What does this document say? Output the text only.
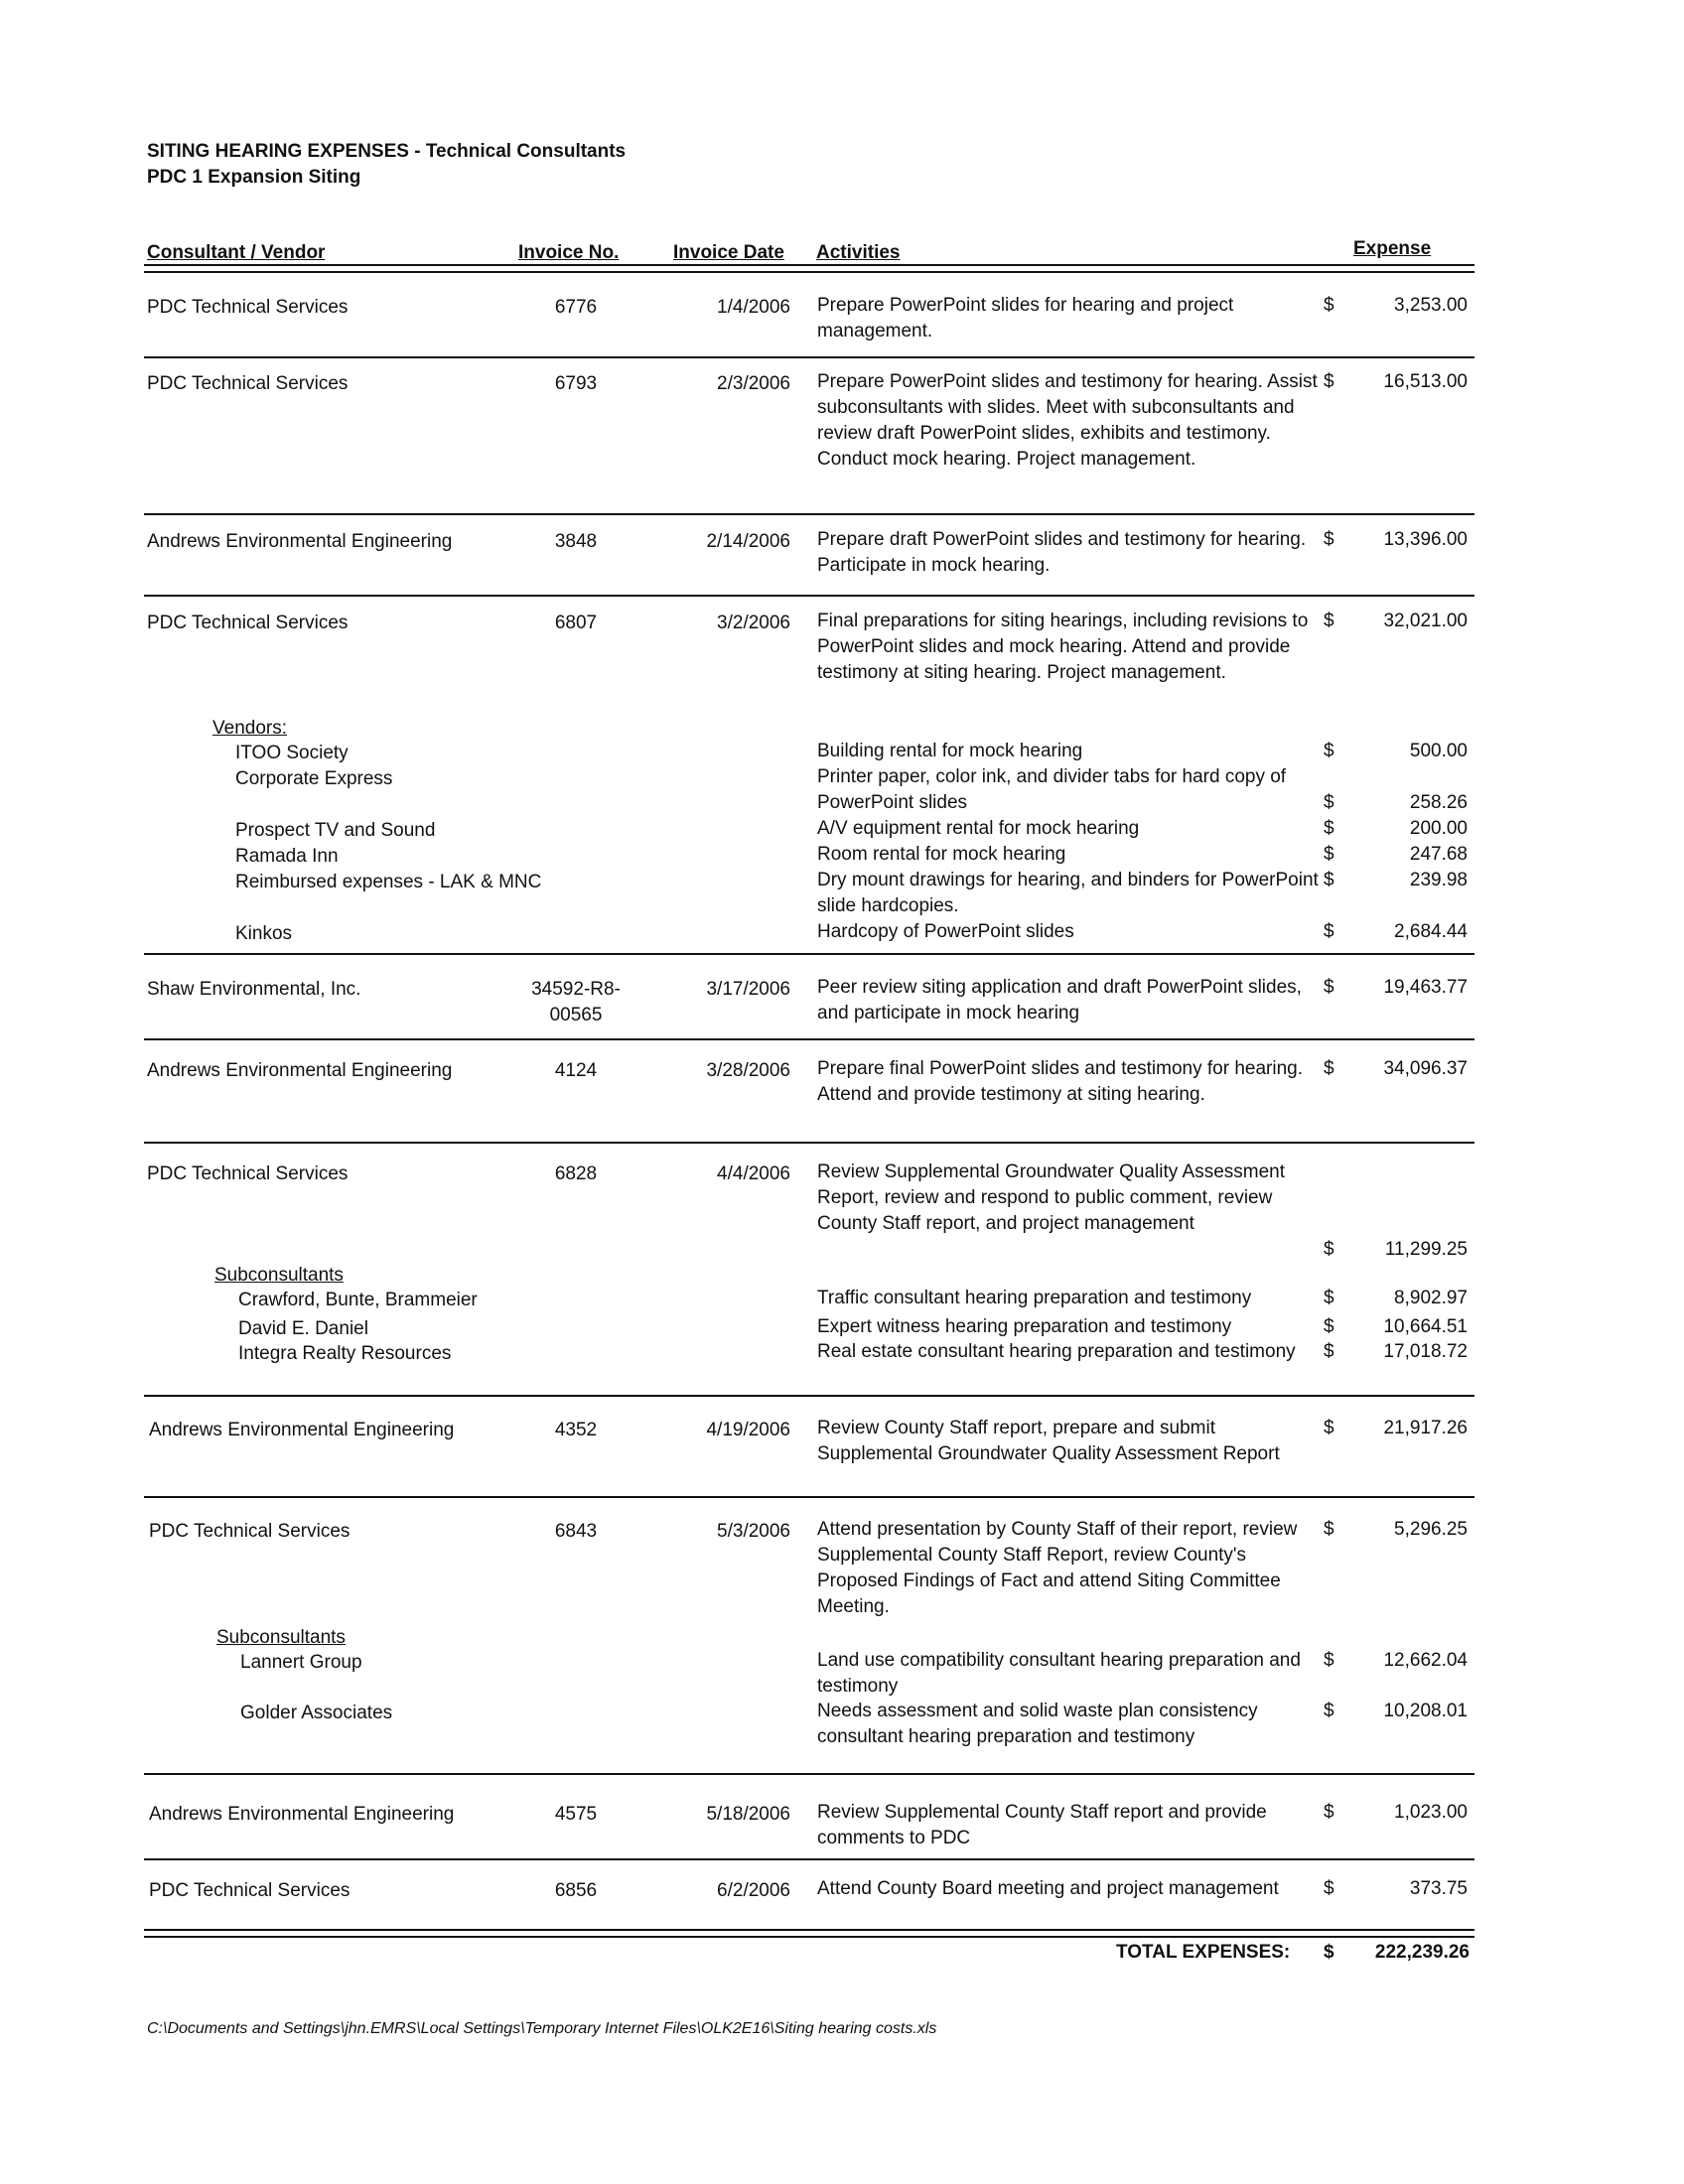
SITING HEARING EXPENSES - Technical Consultants
PDC 1 Expansion Siting
Consultant / Vendor	Invoice No.	Invoice Date Activities	Expense
PDC Technical Services	6776	1/4/2006 Prepare PowerPoint slides for hearing and project management.
$	3,253.00
PDC Technical Services	6793	2/3/2006 Prepare PowerPoint slides and testimony for hearing. Assist subconsultants with slides. Meet with subconsultants and review draft PowerPoint slides, exhibits and testimony. Conduct mock hearing. Project management.
$	16,513.00
Andrews Environmental Engineering	3848	2/14/2006 Prepare draft PowerPoint slides and testimony for hearing. Participate in mock hearing.
$	13,396.00
PDC Technical Services	6807	3/2/2006 Final preparations for siting hearings, including revisions to PowerPoint slides and mock hearing. Attend and provide testimony at siting hearing. Project management.
$	32,021.00
Vendors:
ITOO Society	Building rental for mock hearing	$	500.00
Corporate Express	Printer paper, color ink, and divider tabs for hard copy of PowerPoint slides	$	258.26
Prospect TV and Sound	A/V equipment rental for mock hearing	$	200.00
Ramada Inn	Room rental for mock hearing	$	247.68
Reimbursed expenses - LAK & MNC	Dry mount drawings for hearing, and binders for PowerPoint slide hardcopies.
$	239.98
Kinkos	Hardcopy of PowerPoint slides	$	2,684.44
Shaw Environmental, Inc.	34592-R8-00565
3/17/2006 Peer review siting application and draft PowerPoint slides, and participate in mock hearing
$	19,463.77
Andrews Environmental Engineering	4124	3/28/2006 Prepare final PowerPoint slides and testimony for hearing. Attend and provide testimony at siting hearing.
$	34,096.37
PDC Technical Services	6828	4/4/2006 Review Supplemental Groundwater Quality Assessment Report, review and respond to public comment, review County Staff report, and project management
$	11,299.25
Subconsultants
Crawford, Bunte, Brammeier	Traffic consultant hearing preparation and testimony	$	8,902.97
David E. Daniel	Expert witness hearing preparation and testimony	$	10,664.51
Integra Realty Resources	Real estate consultant hearing preparation and testimony	$	17,018.72
Andrews Environmental Engineering	4352	4/19/2006 Review County Staff report, prepare and submit Supplemental Groundwater Quality Assessment Report
$	21,917.26
PDC Technical Services	6843	5/3/2006 Attend presentation by County Staff of their report, review Supplemental County Staff Report, review County's Proposed Findings of Fact and attend Siting Committee Meeting.
$	5,296.25
Subconsultants
Lannert Group	Land use compatibility consultant hearing preparation and testimony
$	12,662.04
Golder Associates	Needs assessment and solid waste plan consistency consultant hearing preparation and testimony
$	10,208.01
Andrews Environmental Engineering	4575	5/18/2006 Review Supplemental County Staff report and provide comments to PDC
$	1,023.00
PDC Technical Services	6856	6/2/2006 Attend County Board meeting and project management	$	373.75
TOTAL EXPENSES: $	222,239.26
C:\Documents and Settings\jhn.EMRS\Local Settings\Temporary Internet Files\OLK2E16\Siting hearing costs.xls
